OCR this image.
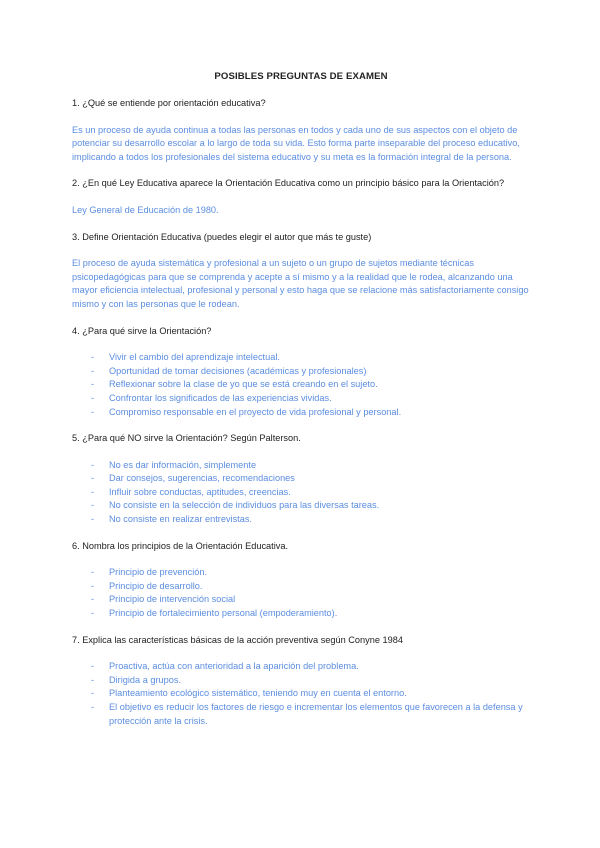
POSIBLES PREGUNTAS DE EXAMEN
1. ¿Qué se entiende por orientación educativa?
Es un proceso de ayuda continua a todas las personas en todos y cada uno de sus aspectos con el objeto de potenciar su desarrollo escolar a lo largo de toda su vida. Esto forma parte inseparable del proceso educativo, implicando a todos los profesionales del sistema educativo y su meta es la formación integral de la persona.
2. ¿En qué Ley Educativa aparece la Orientación Educativa como un principio básico para la Orientación?
Ley General de Educación de 1980.
3. Define Orientación Educativa (puedes elegir el autor que más te guste)
El proceso de ayuda sistemática y profesional a un sujeto o un grupo de sujetos mediante técnicas psicopedagógicas para que se comprenda y acepte a sí mismo y a la realidad que le rodea, alcanzando una mayor eficiencia intelectual, profesional y personal y esto haga que se relacione más satisfactoriamente consigo mismo y con las personas que le rodean.
4. ¿Para qué sirve la Orientación?
- Vivir el cambio del aprendizaje intelectual.
- Oportunidad de tomar decisiones (académicas y profesionales)
- Reflexionar sobre la clase de yo que se está creando en el sujeto.
- Confrontar los significados de las experiencias vividas.
- Compromiso responsable en el proyecto de vida profesional y personal.
5. ¿Para qué NO sirve la Orientación? Según Palterson.
- No es dar información, simplemente
- Dar consejos, sugerencias, recomendaciones
- Influir sobre conductas, aptitudes, creencias.
- No consiste en la selección de individuos para las diversas tareas.
- No consiste en realizar entrevistas.
6. Nombra los principios de la Orientación Educativa.
- Principio de prevención.
- Principio de desarrollo.
- Principio de intervención social
- Principio de fortalecimiento personal (empoderamiento).
7. Explica las características básicas de la acción preventiva según Conyne 1984
- Proactiva, actúa con anterioridad a la aparición del problema.
- Dirigida a grupos.
- Planteamiento ecológico sistemático, teniendo muy en cuenta el entorno.
- El objetivo es reducir los factores de riesgo e incrementar los elementos que favorecen a la defensa y protección ante la crisis.
